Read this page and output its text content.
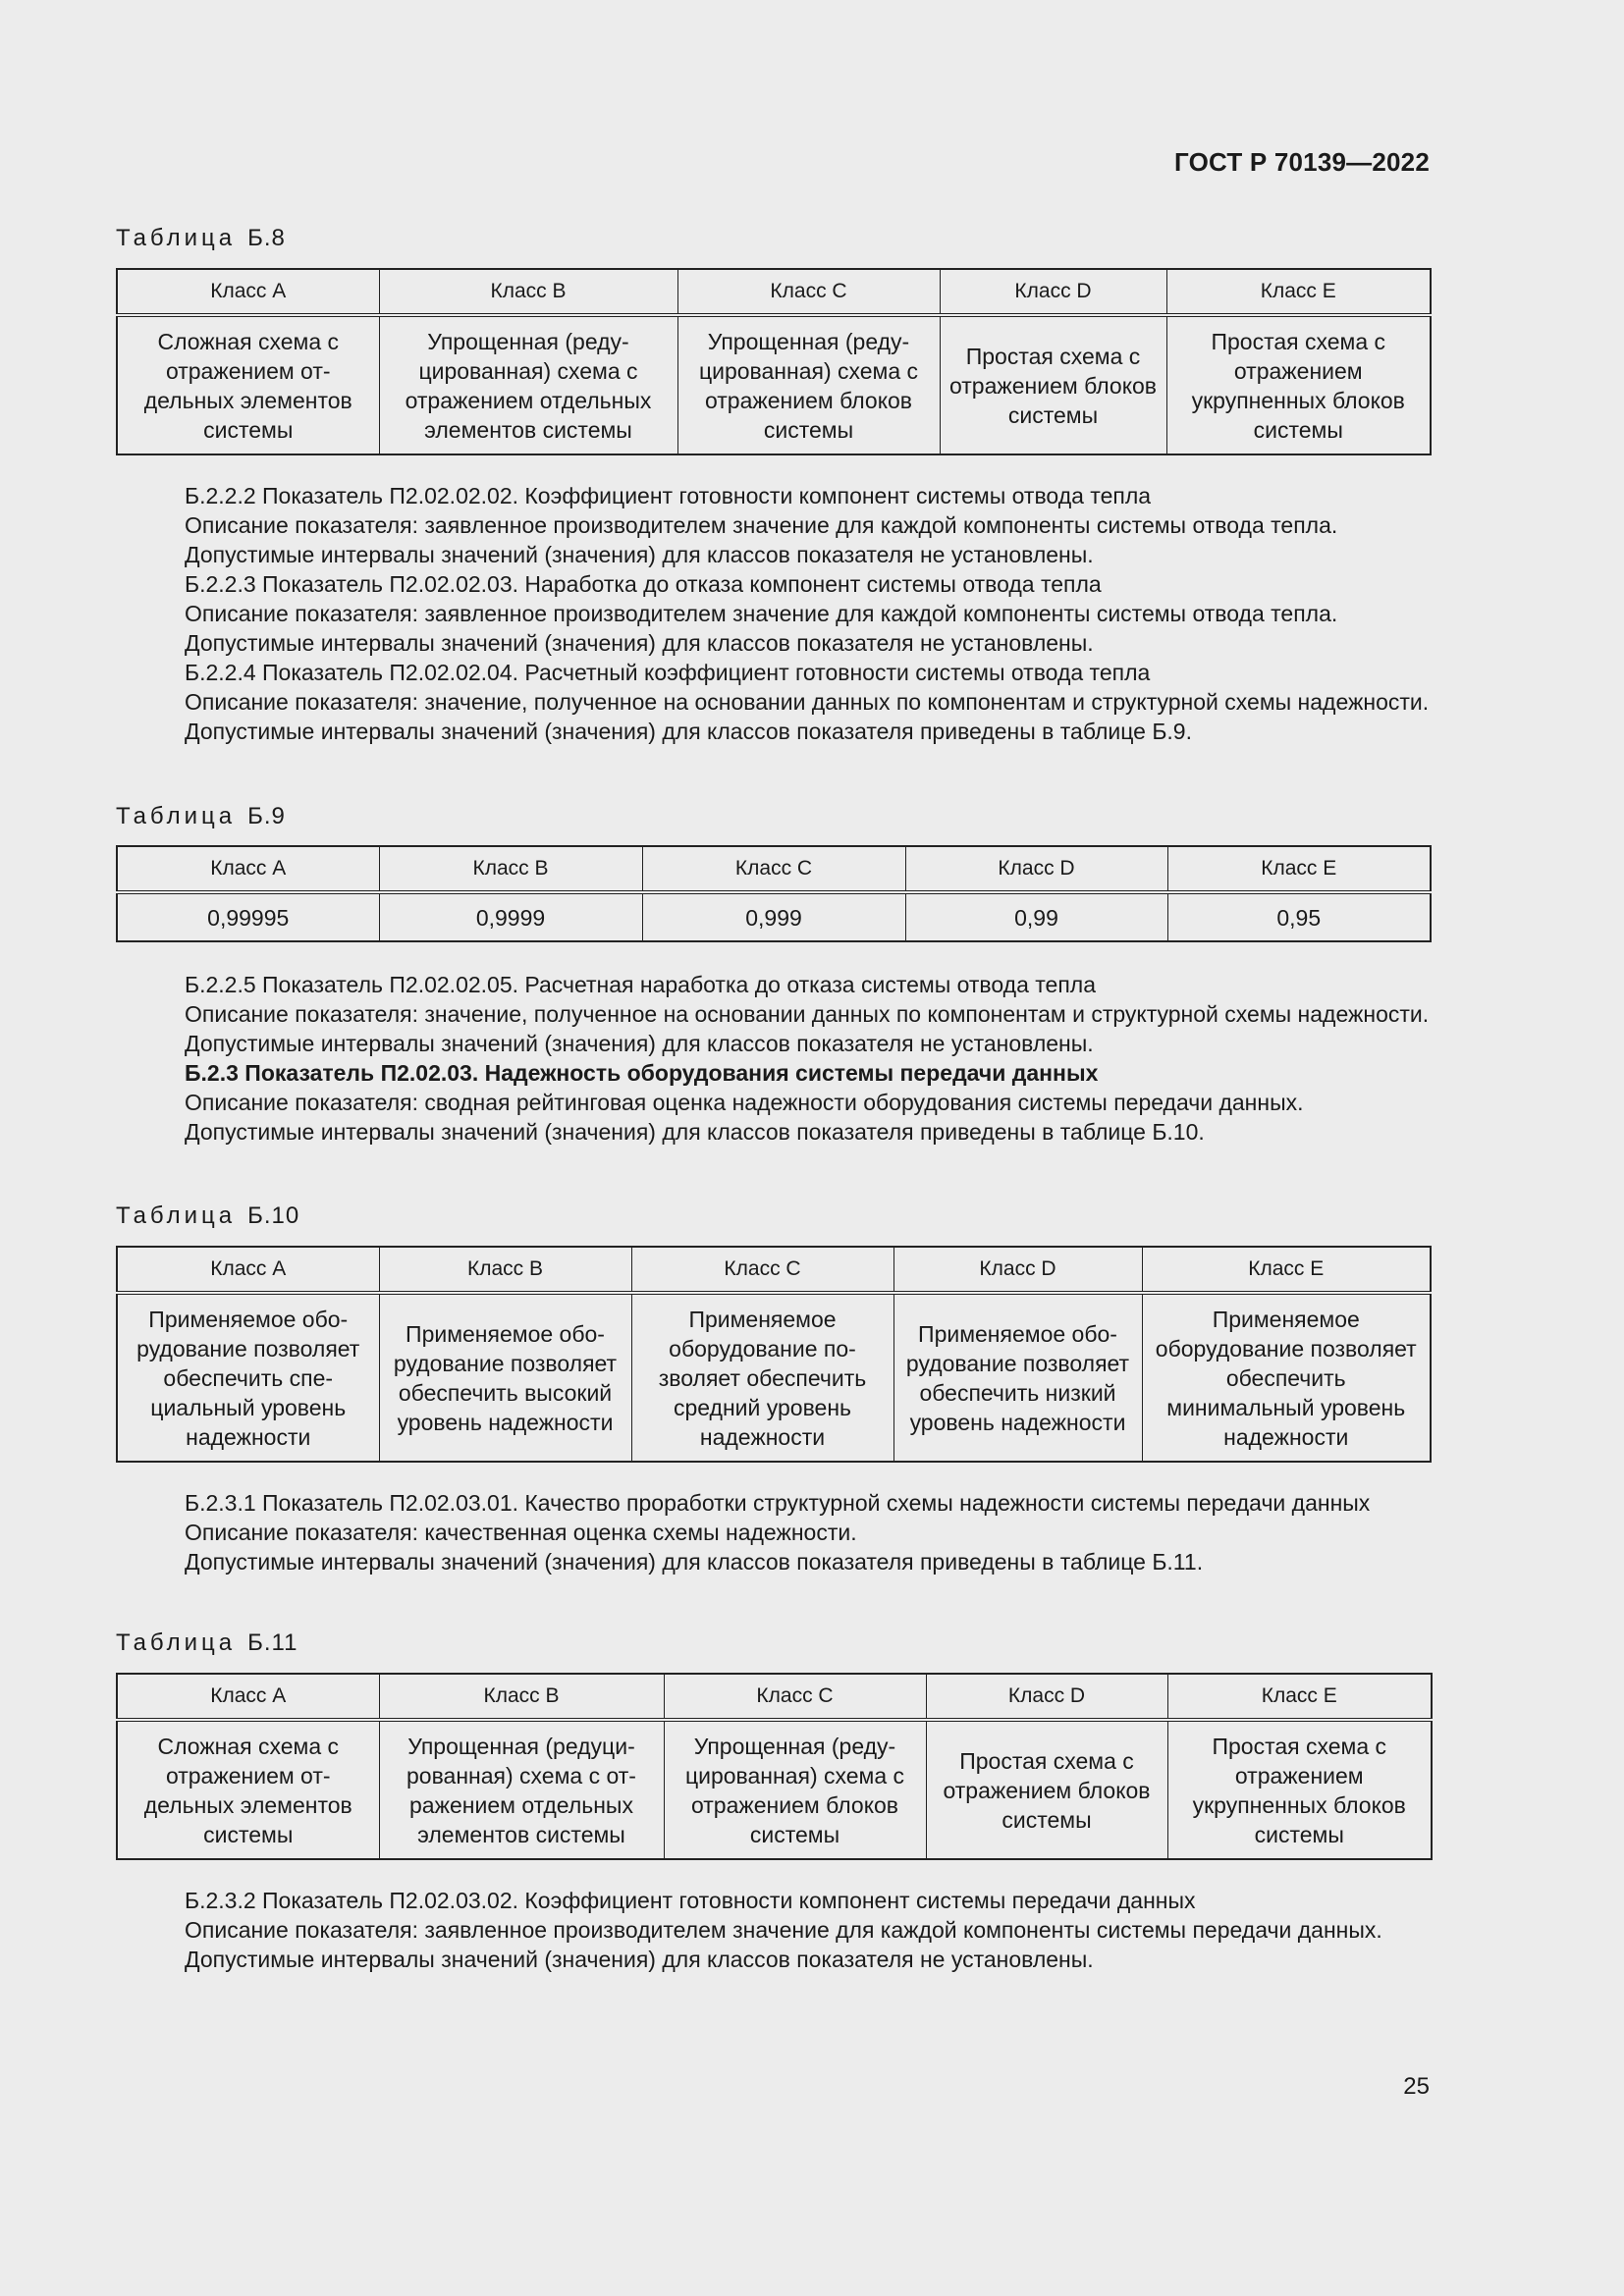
ГОСТ Р 70139—2022
Таблица Б.8
Класс A	Класс B	Класс C	Класс D	Класс E
Сложная схема с отражением отдельных элементов системы	Упрощенная (редуцированная) схема с отражением отдельных элементов системы	Упрощенная (редуцированная) схема с отражением блоков системы	Простая схема с отражением блоков системы	Простая схема с отражением укрупненных блоков системы

Б.2.2.2 Показатель П2.02.02.02. Коэффициент готовности компонент системы отвода тепла

Описание показателя: заявленное производителем значение для каждой компоненты системы отвода тепла.

Допустимые интервалы значений (значения) для классов показателя не установлены.

Б.2.2.3 Показатель П2.02.02.03. Наработка до отказа компонент системы отвода тепла

Описание показателя: заявленное производителем значение для каждой компоненты системы отвода тепла.

Допустимые интервалы значений (значения) для классов показателя не установлены.

Б.2.2.4 Показатель П2.02.02.04. Расчетный коэффициент готовности системы отвода тепла

Описание показателя: значение, полученное на основании данных по компонентам и структурной схемы надежности.

Допустимые интервалы значений (значения) для классов показателя приведены в таблице Б.9.

Таблица Б.9
Класс A	Класс B	Класс C	Класс D	Класс E
0,99995	0,9999	0,999	0,99	0,95

Б.2.2.5 Показатель П2.02.02.05. Расчетная наработка до отказа системы отвода тепла

Описание показателя: значение, полученное на основании данных по компонентам и структурной схемы надежности.

Допустимые интервалы значений (значения) для классов показателя не установлены.

Б.2.3 Показатель П2.02.03. Надежность оборудования системы передачи данных

Описание показателя: сводная рейтинговая оценка надежности оборудования системы передачи данных.

Допустимые интервалы значений (значения) для классов показателя приведены в таблице Б.10.

Таблица Б.10
Класс A	Класс B	Класс C	Класс D	Класс E
Применяемое оборудование позволяет обеспечить специальный уровень надежности	Применяемое оборудование позволяет обеспечить высокий уровень надежности	Применяемое оборудование позволяет обеспечить средний уровень надежности	Применяемое оборудование позволяет обеспечить низкий уровень надежности	Применяемое оборудование позволяет обеспечить минимальный уровень надежности

Б.2.3.1 Показатель П2.02.03.01. Качество проработки структурной схемы надежности системы передачи данных

Описание показателя: качественная оценка схемы надежности.

Допустимые интервалы значений (значения) для классов показателя приведены в таблице Б.11.

Таблица Б.11
Класс A	Класс B	Класс C	Класс D	Класс E
Сложная схема с отражением отдельных элементов системы	Упрощенная (редуцированная) схема с отражением отдельных элементов системы	Упрощенная (редуцированная) схема с отражением блоков системы	Простая схема с отражением блоков системы	Простая схема с отражением укрупненных блоков системы

Б.2.3.2 Показатель П2.02.03.02. Коэффициент готовности компонент системы передачи данных

Описание показателя: заявленное производителем значение для каждой компоненты системы передачи данных.

Допустимые интервалы значений (значения) для классов показателя не установлены.

25
